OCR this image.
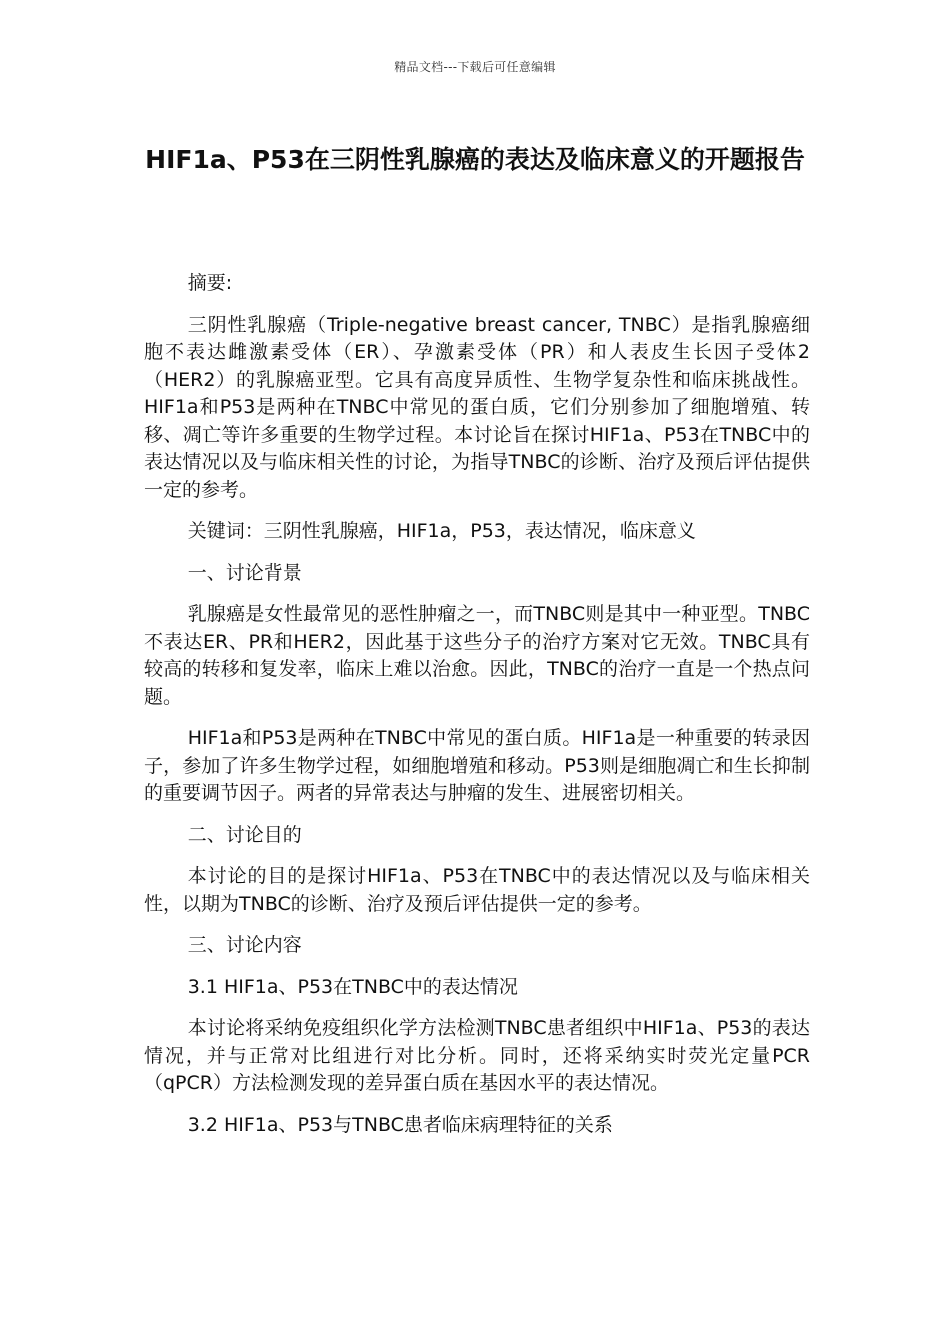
精品文档---下载后可任意编辑
HIF1a、P53在三阴性乳腺癌的表达及临床意义的开题报告

摘要:

三阴性乳腺癌（Triple-negative breast cancer, TNBC）是指乳腺癌细胞不表达雌激素受体（ER）、孕激素受体（PR）和人表皮生长因子受体2（HER2）的乳腺癌亚型。它具有高度异质性、生物学复杂性和临床挑战性。HIF1a和P53是两种在TNBC中常见的蛋白质，它们分别参加了细胞增殖、转移、凋亡等许多重要的生物学过程。本讨论旨在探讨HIF1a、P53在TNBC中的表达情况以及与临床相关性的讨论，为指导TNBC的诊断、治疗及预后评估提供一定的参考。

关键词：三阴性乳腺癌，HIF1a，P53，表达情况，临床意义

一、讨论背景

乳腺癌是女性最常见的恶性肿瘤之一，而TNBC则是其中一种亚型。TNBC不表达ER、PR和HER2，因此基于这些分子的治疗方案对它无效。TNBC具有较高的转移和复发率，临床上难以治愈。因此，TNBC的治疗一直是一个热点问题。

HIF1a和P53是两种在TNBC中常见的蛋白质。HIF1a是一种重要的转录因子，参加了许多生物学过程，如细胞增殖和移动。P53则是细胞凋亡和生长抑制的重要调节因子。两者的异常表达与肿瘤的发生、进展密切相关。

二、讨论目的

本讨论的目的是探讨HIF1a、P53在TNBC中的表达情况以及与临床相关性，以期为TNBC的诊断、治疗及预后评估提供一定的参考。

三、讨论内容

3.1 HIF1a、P53在TNBC中的表达情况

本讨论将采纳免疫组织化学方法检测TNBC患者组织中HIF1a、P53的表达情况，并与正常对比组进行对比分析。同时，还将采纳实时荧光定量PCR（qPCR）方法检测发现的差异蛋白质在基因水平的表达情况。

3.2 HIF1a、P53与TNBC患者临床病理特征的关系
